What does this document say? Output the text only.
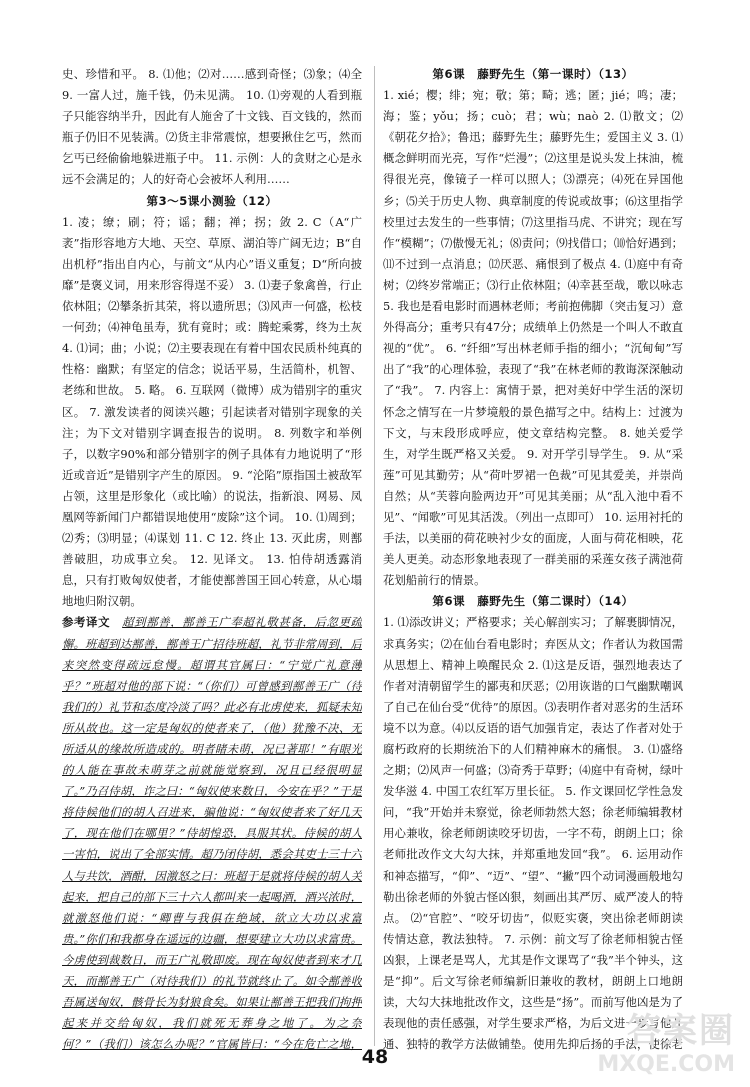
史、珍惜和平。 8. ⑴他；⑵对……感到奇怪；⑶象；⑷全 9. 一富人过，施千钱，仍未见满。 10. ⑴旁观的人看到瓶子只能容纳半升，因此有人施舍了十文钱、百文钱的，然而瓶子仍旧不见装满。⑵货主非常震惊，想要揪住乞丐，然而乞丐已经偷偷地躲进瓶子中。 11. 示例：人的贪财之心是永远不会满足的；人的好奇心会被坏人利用……

第3～5课小测验（12）

1. 凌；缭；刷；符；谣；翻；禅；拐；敛 2. C（A“广袤”指形容地方大地、天空、草原、湖泊等广阔无边；B“自出机杼”指出自内心，与前文“从内心”语义重复；D“所向披靡”是褒义词，用来形容得逞不妥） 3. ⑴妻子象禽兽，行止依林阻；⑵攀条折其荣，将以遗所思；⑶风声一何盛，松枝一何劲；⑷神龟虽寿，犹有竟时；或：腾蛇乘雾，终为土灰 4. ⑴词；曲；小说；⑵主要表现在有着中国农民质朴纯真的性格：幽默；有坚定的信念；说话平易，生活简朴，机智、老练和世故。 5. 略。 6. 互联网（微博）成为错别字的重灾区。 7. 激发读者的阅读兴趣；引起读者对错别字现象的关注；为下文对错别字调查报告的说明。 8. 列数字和举例子，以数字90%和部分错别字的例子具体有力地说明了“形近或音近”是错别字产生的原因。 9. “沦陷”原指国土被敌军占领，这里是形象化（或比喻）的说法，指新浪、网易、凤凰网等新闻门户都错误地使用“废除”这个词。 10. ⑴周到；⑵秀；⑶明显；⑷谋划 11. C 12. 终止 13. 灭此虏，则鄯善破胆，功成事立矣。 12. 见译文。 13. 怕侍胡透露消息，只有打败匈奴使者，才能使鄯善国王回心转意，从心塌地地归附汉朝。

参考译文　 超到鄯善，鄯善王广奉超礼敬甚备，后忽更疏懈。班超到达鄯善，鄯善王广招待班超，礼节非常周到，后来突然变得疏远怠慢。超谓其官属曰：“宁觉广礼意薄乎？”班超对他的部下说：“（你们）可曾感到鄯善王广（待我们的）礼节和态度冷淡了吗？此必有北虏使来，狐疑未知所从故也。这一定是匈奴的使者来了，（他）犹豫不决、无所适从的缘故所造成的。明者睹未萌，况已著耶！”有眼光的人能在事故未萌芽之前就能觉察到，况且已经很明显了。”乃召侍胡，诈之曰：“匈奴使来数日，今安在乎？”于是将侍候他们的胡人召进来，骗他说：“匈奴使者来了好几天了，现在他们在哪里？”侍胡惶恐，具服其状。侍候的胡人一害怕，说出了全部实情。超乃闭侍胡，悉会其吏士三十六人与共饮，酒酣，因激怒之曰：班超于是就将侍候的胡人关起来，把自己的部下三十六人都叫来一起喝酒，酒兴浓时，就激怒他们说：“卿曹与我俱在绝域，欲立大功以求富贵。”你们和我都身在遥远的边疆，想要建立大功以求富贵。今虏使到裁数日，而王广礼敬即废。现在匈奴使者到来才几天，而鄯善王广（对待我们）的礼节就终止了。如令鄯善收吾属送匈奴，骸骨长为豺狼食矣。如果让鄯善王把我们拘押起来并交给匈奴，我们就死无葬身之地了。为之奈何？”（我们）该怎么办呢？”官属皆曰：“今在危亡之地，

第6课　藤野先生（第一课时）（13）

1. xié；樱；绯；宛；敬；第；畸；逃；匿；jié；鸣；凄；海；鉴；yǒu；扬；cuò；君；wù；naò 2. ⑴散文；⑵《朝花夕拾》；鲁迅；藤野先生；藤野先生；爱国主义 3. ⑴概念鲜明而光亮，写作“烂漫”；⑵这里是说头发上抹油，梳得很光亮，像镜子一样可以照人；⑶漂亮；⑷死在异国他乡；⑸关于历史人物、典章制度的传说或故事；⑹这里指学校里过去发生的一些事情；⑺这里指马虎、不讲究；现在写作“模糊”；⑺傲慢无礼；⑻责问；⑼找借口；⑽恰好遇到；⑾不过到一点消息；⑿厌恶、痛恨到了极点 4. ⑴庭中有奇树；⑵终岁常端正；⑶行止依林阻；⑷幸甚至哉，歌以咏志 5. 我也是看电影时而遇林老师；考前抱佛脚（突击复习）意外得高分；重考只有47分；成绩单上仍然是一个叫人不敢直视的“优”。 6. “纤细”写出林老师手指的细小；“沉甸甸”写出了“我”的心理体验，表现了“我”在林老师的教诲深深触动了“我”。 7. 内容上：寓情于景，把对美好中学生活的深切怀念之情写在一片梦境般的景色描写之中。结构上：过渡为下文，与末段形成呼应，使文章结构完整。 8. 她关爱学生，对学生既严格又关爱。 9. 对开学引导学生。 9. 从“采莲”可见其勤劳；从“荷叶罗裙一色裁”可见其爱美，并崇尚自然；从“芙蓉向脸两边开”可见其美丽；从“乱入池中看不见”、“闻歌”可见其活泼。（列出一点即可） 10. 运用衬托的手法，以美丽的荷花映衬少女的面庞，人面与荷花相映，花美人更美。动态形象地表现了一群美丽的采莲女孩子满池荷花划船前行的情景。

第6课　藤野先生（第二课时）（14）

1. ⑴添改讲义；严格要求；关心解剖实习；了解裹脚情况，求真务实；⑵在仙台看电影时；弃医从文；作者认为救国需从思想上、精神上唤醒民众 2. ⑴这是反语，强烈地表达了作者对清朝留学生的鄙夷和厌恶；⑵用诙谐的口气幽默嘲讽了自己在仙台受“优待”的原因。⑶表明作者对恶劣的生活环境不以为意。⑷以反语的语气加强肯定，表达了作者对处于腐朽政府的长期统治下的人们精神麻木的痛恨。 3. ⑴盛络之期；⑵风声一何盛；⑶奇秀于草野；⑷庭中有奇树，绿叶发华滋 4. 中国工农红军万里长征。 5. 作文课回忆学性急发问，“我”开始并未察觉，徐老师勃然大怒；徐老师编辑教材用心兼收，徐老师朗读咬牙切齿，一字不苟，朗朗上口；徐老师批改作文大勾大抹，并郑重地发回“我”。 6. 运用动作和神态描写，“仰”、“迈”、“望”、“撇”四个动词漫画般地勾勒出徐老师的外貌古怪凶狠，刻画出其严厉、威严凌人的特点。 ⑵“官腔”、“咬牙切齿”，似贬实褒，突出徐老师朗读传情达意，教法独特。 7. 示例：前文写了徐老师相貌古怪凶狠，上课老是骂人，尤其是作文课骂了“我”半个钟头，这是“抑”。后文写徐老师编新旧兼收的教材，朗朗上口地朗读，大勾大抹地批改作文，这些是“扬”。而前写他凶是为了表现他的责任感强，对学生要求严格，为后文进一步写他开通、独特的教学方法做铺垫。使用先抑后扬的手法，使徐老

48
答案圈
MXQE.COM
